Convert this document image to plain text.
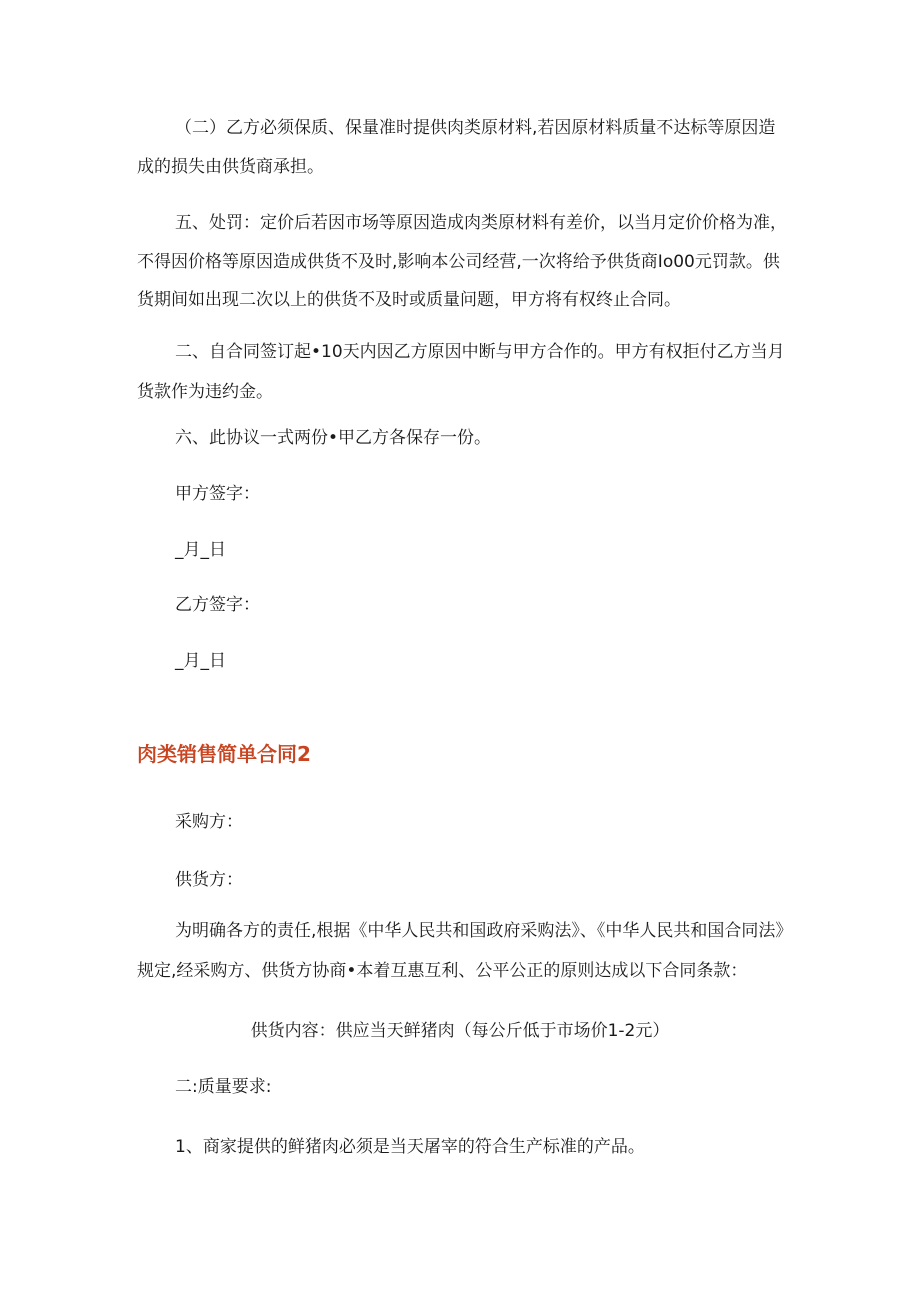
（二）乙方必须保质、保量准时提供肉类原材料,若因原材料质量不达标等原因造

成的损失由供货商承担。

五、处罚：定价后若因市场等原因造成肉类原材料有差价，以当月定价价格为准，

不得因价格等原因造成供货不及时,影响本公司经营,一次将给予供货商Io00元罚款。供

货期间如出现二次以上的供货不及时或质量问题，甲方将有权终止合同。

二、自合同签订起•10天内因乙方原因中断与甲方合作的。甲方有权拒付乙方当月

货款作为违约金。

六、此协议一式两份•甲乙方各保存一份。

甲方签字：

_月_日

乙方签字：

_月_日

肉类销售简单合同2

采购方：

供货方：

为明确各方的责任,根据《中华人民共和国政府采购法》、《中华人民共和国合同法》

规定,经采购方、供货方协商•本着互惠互利、公平公正的原则达成以下合同条款：

供货内容：供应当天鲜猪肉（每公斤低于市场价1-2元）

二:质量要求:

1、商家提供的鲜猪肉必须是当天屠宰的符合生产标准的产品。
